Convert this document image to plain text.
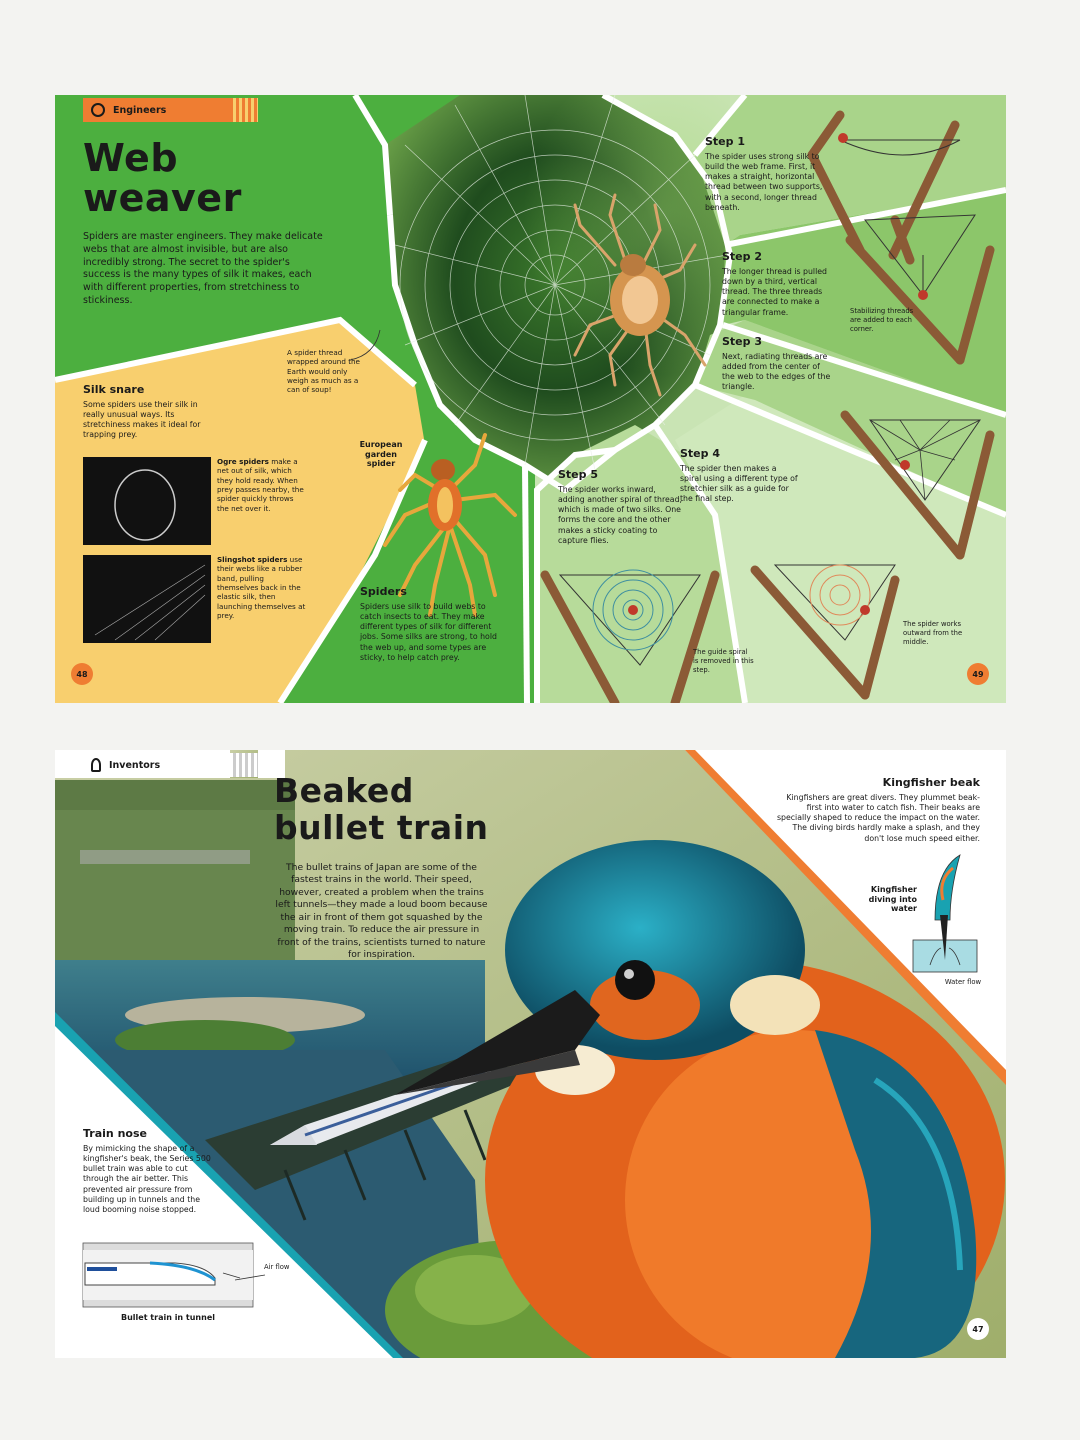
Engineers
Web
weaver
Spiders are master engineers. They make delicate webs that are almost invisible, but are also incredibly strong. The secret to the spider's success is the many types of silk it makes, each with different properties, from stretchiness to stickiness.
A spider thread wrapped around the Earth would only weigh as much as a can of soup!
Silk snare
Some spiders use their silk in really unusual ways. Its stretchiness makes it ideal for trapping prey.
Ogre spiders make a net out of silk, which they hold ready. When prey passes nearby, the spider quickly throws the net over it.
Slingshot spiders use their webs like a rubber band, pulling themselves back in the elastic silk, then launching themselves at prey.
European garden spider
Spiders
Spiders use silk to build webs to catch insects to eat. They make different types of silk for different jobs. Some silks are strong, to hold the web up, and some types are sticky, to help catch prey.
Step 1
The spider uses strong silk to build the web frame. First, it makes a straight, horizontal thread between two supports, with a second, longer thread beneath.
Step 2
The longer thread is pulled down by a third, vertical thread. The three threads are connected to make a triangular frame.	Stabilizing threads are added to each corner.
Step 3
Next, radiating threads are added from the center of the web to the edges of the triangle.
Step 4
The spider then makes a spiral using a different type of stretchier silk as a guide for the final step.
Step 5
The spider works inward, adding another spiral of thread, which is made of two silks. One forms the core and the other makes a sticky coating to capture flies.
The guide spiral is removed in this step.
The spider works outward from the middle.
48	49
Inventors
Beaked
bullet train
The bullet trains of Japan are some of the fastest trains in the world. Their speed, however, created a problem when the trains left tunnels—they made a loud boom because the air in front of them got squashed by the moving train. To reduce the air pressure in front of the trains, scientists turned to nature for inspiration.
Kingfisher beak
Kingfishers are great divers. They plummet beak-first into water to catch fish. Their beaks are specially shaped to reduce the impact on the water. The diving birds hardly make a splash, and they don't lose much speed either.
Kingfisher diving into water
Water flow
Train nose
By mimicking the shape of a kingfisher's beak, the Series 500 bullet train was able to cut through the air better. This prevented air pressure from building up in tunnels and the loud booming noise stopped.
Air flow
Bullet train in tunnel
47
